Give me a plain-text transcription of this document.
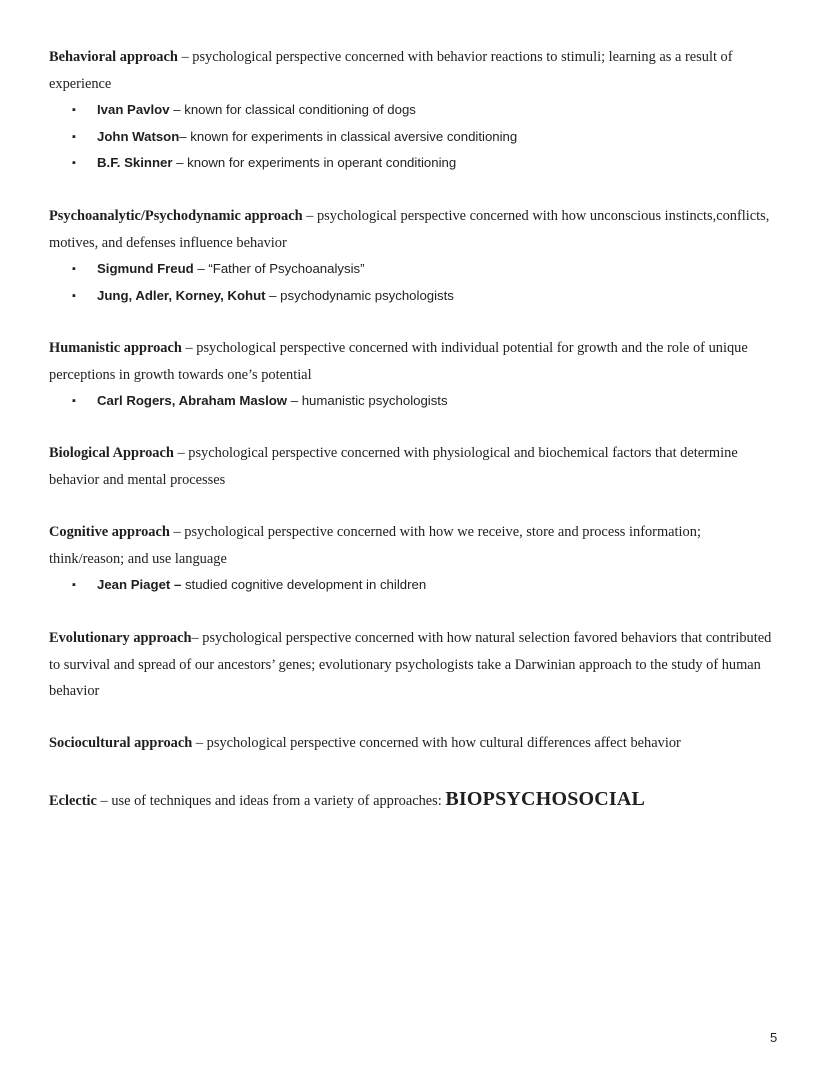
Behavioral approach – psychological perspective concerned with behavior reactions to stimuli; learning as a result of experience

▪ Ivan Pavlov – known for classical conditioning of dogs
▪ John Watson– known for experiments in classical aversive conditioning
▪ B.F. Skinner – known for experiments in operant conditioning

Psychoanalytic/Psychodynamic approach – psychological perspective concerned with how unconscious instincts,conflicts, motives, and defenses influence behavior

▪ Sigmund Freud – “Father of Psychoanalysis”
▪ Jung, Adler, Korney, Kohut – psychodynamic psychologists

Humanistic approach – psychological perspective concerned with individual potential for growth and the role of unique perceptions in growth towards one’s potential

▪ Carl Rogers, Abraham Maslow – humanistic psychologists

Biological Approach – psychological perspective concerned with physiological and biochemical factors that determine behavior and mental processes

Cognitive approach – psychological perspective concerned with how we receive, store and process information; think/reason; and use language

▪ Jean Piaget – studied cognitive development in children

Evolutionary approach– psychological perspective concerned with how natural selection favored behaviors that contributed to survival and spread of our ancestors’ genes; evolutionary psychologists take a Darwinian approach to the study of human behavior

Sociocultural approach – psychological perspective concerned with how cultural differences affect behavior

Eclectic – use of techniques and ideas from a variety of approaches: BIOPSYCHOSOCIAL

5
